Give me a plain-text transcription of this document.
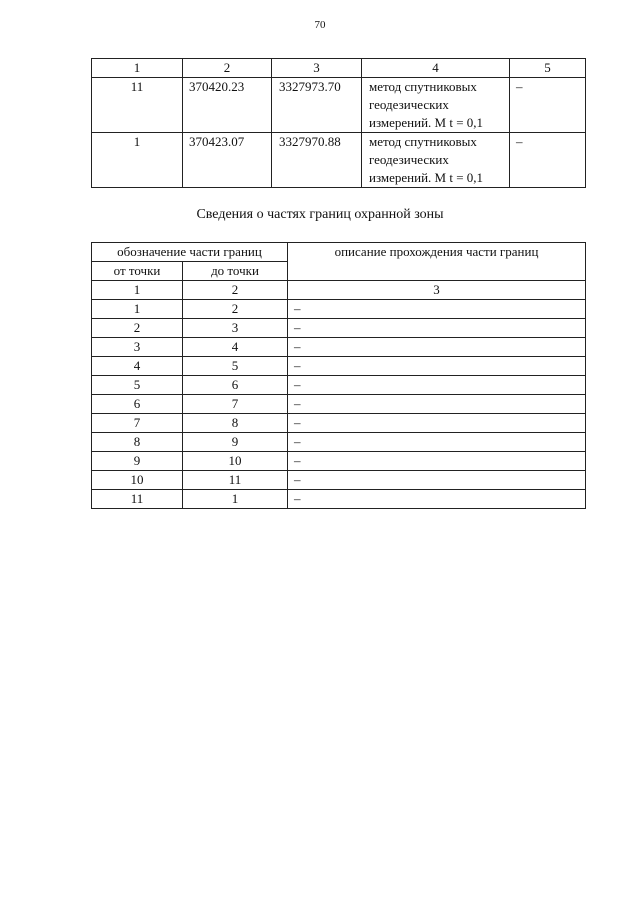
70
1	2	3	4	5
11	370420.23	3327973.70	метод спутниковых
геодезических
измерений. М t = 0,1	–
1	370423.07	3327970.88	метод спутниковых
геодезических
измерений. М t = 0,1	–
Сведения о частях границ охранной зоны
обозначение части границ		описание прохождения части границ
от точки	до точки	
1	2	3
1	2	–
2	3	–
3	4	–
4	5	–
5	6	–
6	7	–
7	8	–
8	9	–
9	10	–
10	11	–
11	1	–
